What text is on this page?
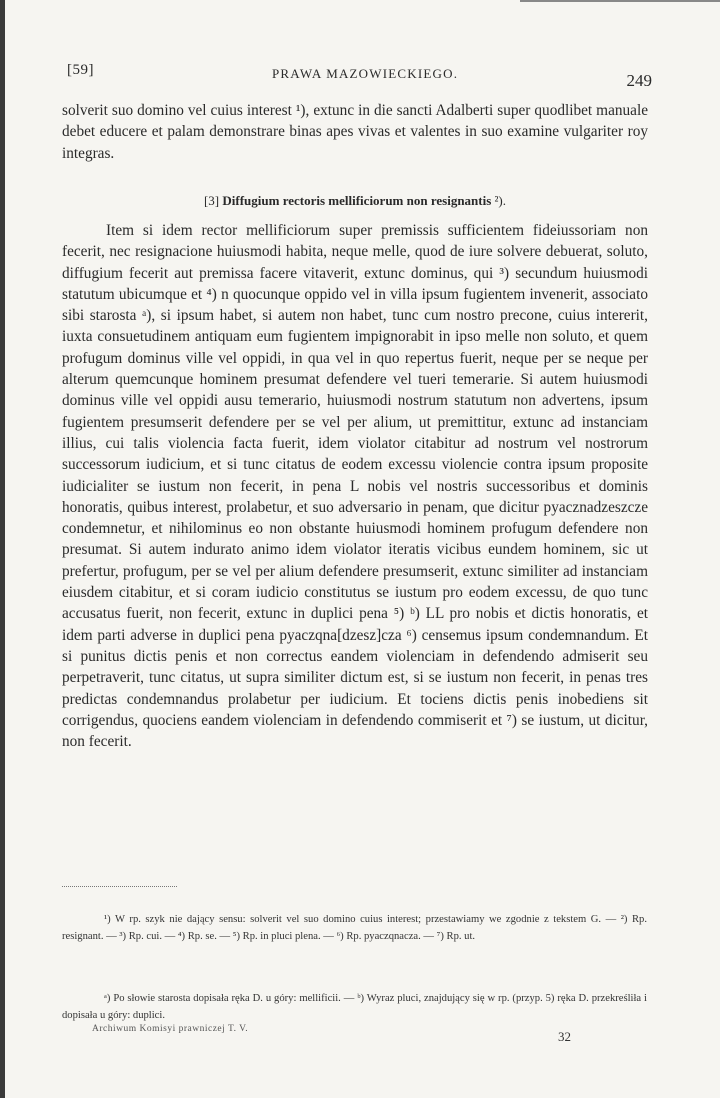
[59]	PRAWA MAZOWIECKIEGO.	249
solverit suo domino vel cuius interest ¹), extunc in die sancti Adalberti super quodlibet manuale debet educere et palam demonstrare binas apes vivas et valentes in suo examine vulgariter roy integras.
[3] Diffugium rectoris mellificiorum non resignantis ²).
Item si idem rector mellificiorum super premissis sufficientem fideiussoriam non fecerit, nec resignacione huiusmodi habita, neque melle, quod de iure solvere debuerat, soluto, diffugium fecerit aut premissa facere vitaverit, extunc dominus, qui ³) secundum huiusmodi statutum ubicumque et ⁴) n quocunque oppido vel in villa ipsum fugientem invenerit, associato sibi starosta ᵃ), si ipsum habet, si autem non habet, tunc cum nostro precone, cuius intererit, iuxta consuetudinem antiquam eum fugientem impignorabit in ipso melle non soluto, et quem profugum dominus ville vel oppidi, in qua vel in quo repertus fuerit, neque per se neque per alterum quemcunque hominem presumat defendere vel tueri temerarie. Si autem huiusmodi dominus ville vel oppidi ausu temerario, huiusmodi nostrum statutum non advertens, ipsum fugientem presumserit defendere per se vel per alium, ut premittitur, extunc ad instanciam illius, cui talis violencia facta fuerit, idem violator citabitur ad nostrum vel nostrorum successorum iudicium, et si tunc citatus de eodem excessu violencie contra ipsum proposite iudicialiter se iustum non fecerit, in pena L nobis vel nostris successoribus et dominis honoratis, quibus interest, prolabetur, et suo adversario in penam, que dicitur pyacznadzeszcze condemnetur, et nihilominus eo non obstante huiusmodi hominem profugum defendere non presumat. Si autem indurato animo idem violator iteratis vicibus eundem hominem, sic ut prefertur, profugum, per se vel per alium defendere presumserit, extunc similiter ad instanciam eiusdem citabitur, et si coram iudicio constitutus se iustum pro eodem excessu, de quo tunc accusatus fuerit, non fecerit, extunc in duplici pena ⁵) ᵇ) LL pro nobis et dictis honoratis, et idem parti adverse in duplici pena pyaczqna[dzesz]cza ⁶) censemus ipsum condemnandum. Et si punitus dictis penis et non correctus eandem violenciam in defendendo admiserit seu perpetraverit, tunc citatus, ut supra similiter dictum est, si se iustum non fecerit, in penas tres predictas condemnandus prolabetur per iudicium. Et tociens dictis penis inobediens sit corrigendus, quociens eandem violenciam in defendendo commiserit et ⁷) se iustum, ut dicitur, non fecerit.
¹) W rp. szyk nie dający sensu: solverit vel suo domino cuius interest; przestawiamy we zgodnie z tekstem G. — ²) Rp. resignant. — ³) Rp. cui. — ⁴) Rp. se. — ⁵) Rp. in pluci plena. — ⁶) Rp. pyaczqnacza. — ⁷) Rp. ut.
ᵃ) Po słowie starosta dopisała ręka D. u góry: mellificii. — ᵇ) Wyraz pluci, znajdujący się w rp. (przyp. 5) ręka D. przekreśliła i dopisała u góry: duplici.
Archiwum Komisyi prawniczej T. V.	32
